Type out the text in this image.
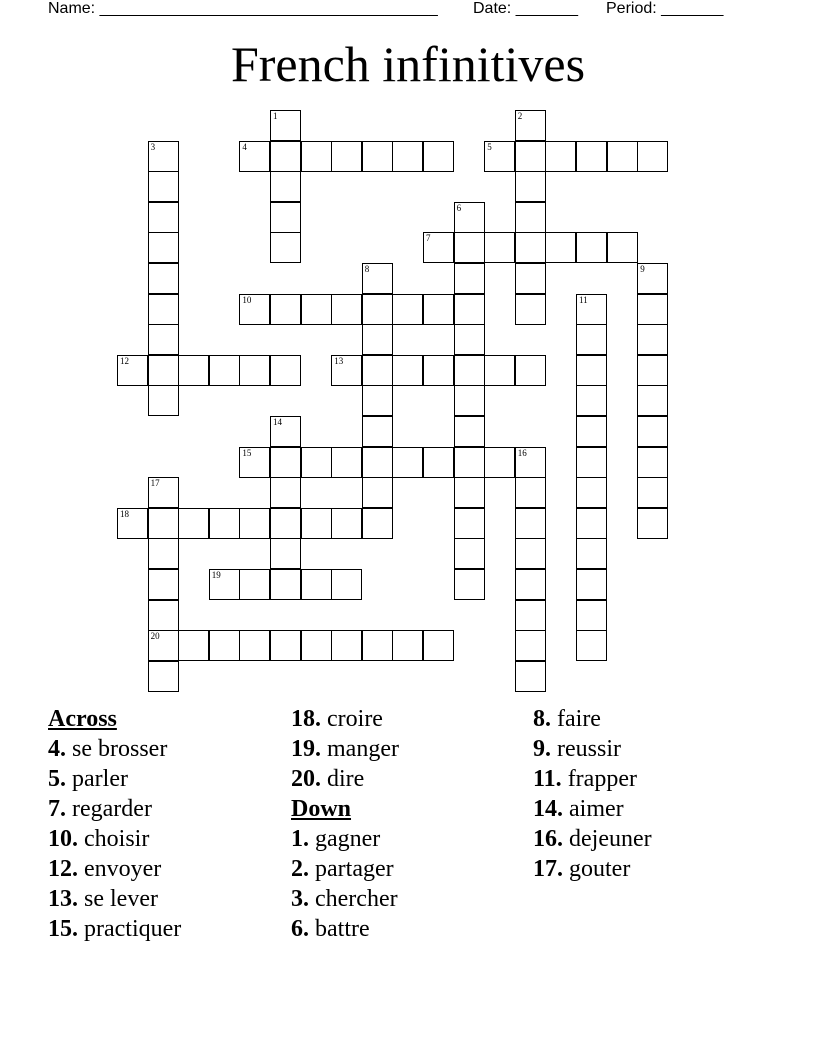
Name: ______________________________________ Date: _______ Period: _______
French infinitives
1	2
3	4	5
6
7
8	9
10	11
12	13
14
15	16
17
20
18
19
Across
4. se brosser
5. parler
7. regarder
10. choisir
12. envoyer
13. se lever
15. practiquer
18. croire
19. manger
20. dire
Down
1. gagner
2. partager
3. chercher
6. battre
8. faire
9. reussir
11. frapper
14. aimer
16. dejeuner
17. gouter
